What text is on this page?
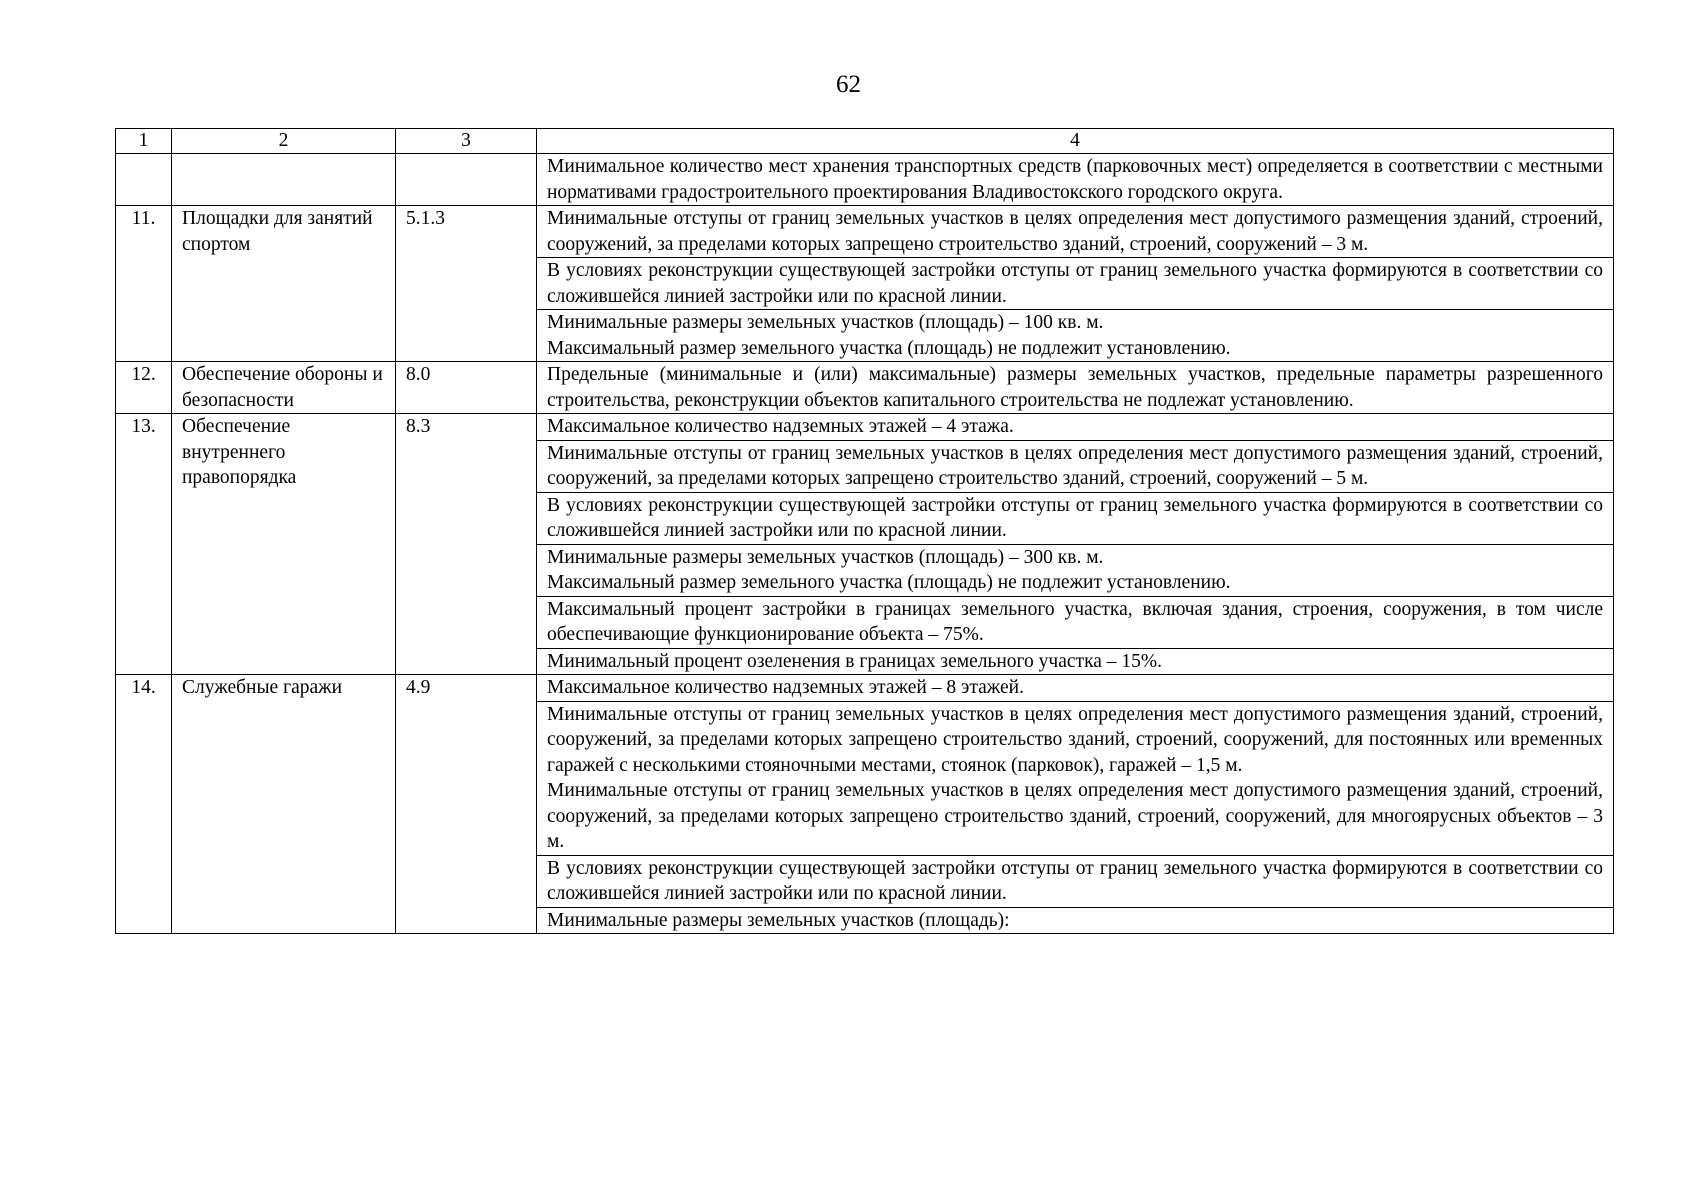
62
1	2	3	4

			Минимальное количество мест хранения транспортных средств (парковочных мест) определяется в соответствии с местными нормативами градостроительного проектирования Владивостокского городского округа.

11.	Площадки для занятий спортом	5.1.3	Минимальные отступы от границ земельных участков в целях определения мест допустимого размещения зданий, строений, сооружений, за пределами которых запрещено строительство зданий, строений, сооружений – 3 м.

			В условиях реконструкции существующей застройки отступы от границ земельного участка формируются в соответствии со сложившейся линией застройки или по красной линии.

			Минимальные размеры земельных участков (площадь) – 100 кв. м.
Максимальный размер земельного участка (площадь) не подлежит установлению.

12.	Обеспечение обороны и безопасности	8.0	Предельные (минимальные и (или) максимальные) размеры земельных участков, предельные параметры разрешенного строительства, реконструкции объектов капитального строительства не подлежат установлению.

13.	Обеспечение внутреннего правопорядка	8.3	Максимальное количество надземных этажей – 4 этажа.

			Минимальные отступы от границ земельных участков в целях определения мест допустимого размещения зданий, строений, сооружений, за пределами которых запрещено строительство зданий, строений, сооружений – 5 м.

			В условиях реконструкции существующей застройки отступы от границ земельного участка формируются в соответствии со сложившейся линией застройки или по красной линии.

			Минимальные размеры земельных участков (площадь) – 300 кв. м.
Максимальный размер земельного участка (площадь) не подлежит установлению.

			Максимальный процент застройки в границах земельного участка, включая здания, строения, сооружения, в том числе обеспечивающие функционирование объекта – 75%.

			Минимальный процент озеленения в границах земельного участка – 15%.

14.	Служебные гаражи	4.9	Максимальное количество надземных этажей – 8 этажей.

			Минимальные отступы от границ земельных участков в целях определения мест допустимого размещения зданий, строений, сооружений, за пределами которых запрещено строительство зданий, строений, сооружений, для постоянных или временных гаражей с несколькими стояночными местами, стоянок (парковок), гаражей – 1,5 м.
Минимальные отступы от границ земельных участков в целях определения мест допустимого размещения зданий, строений, сооружений, за пределами которых запрещено строительство зданий, строений, сооружений, для многоярусных объектов – 3 м.

			В условиях реконструкции существующей застройки отступы от границ земельного участка формируются в соответствии со сложившейся линией застройки или по красной линии.

			Минимальные размеры земельных участков (площадь):
